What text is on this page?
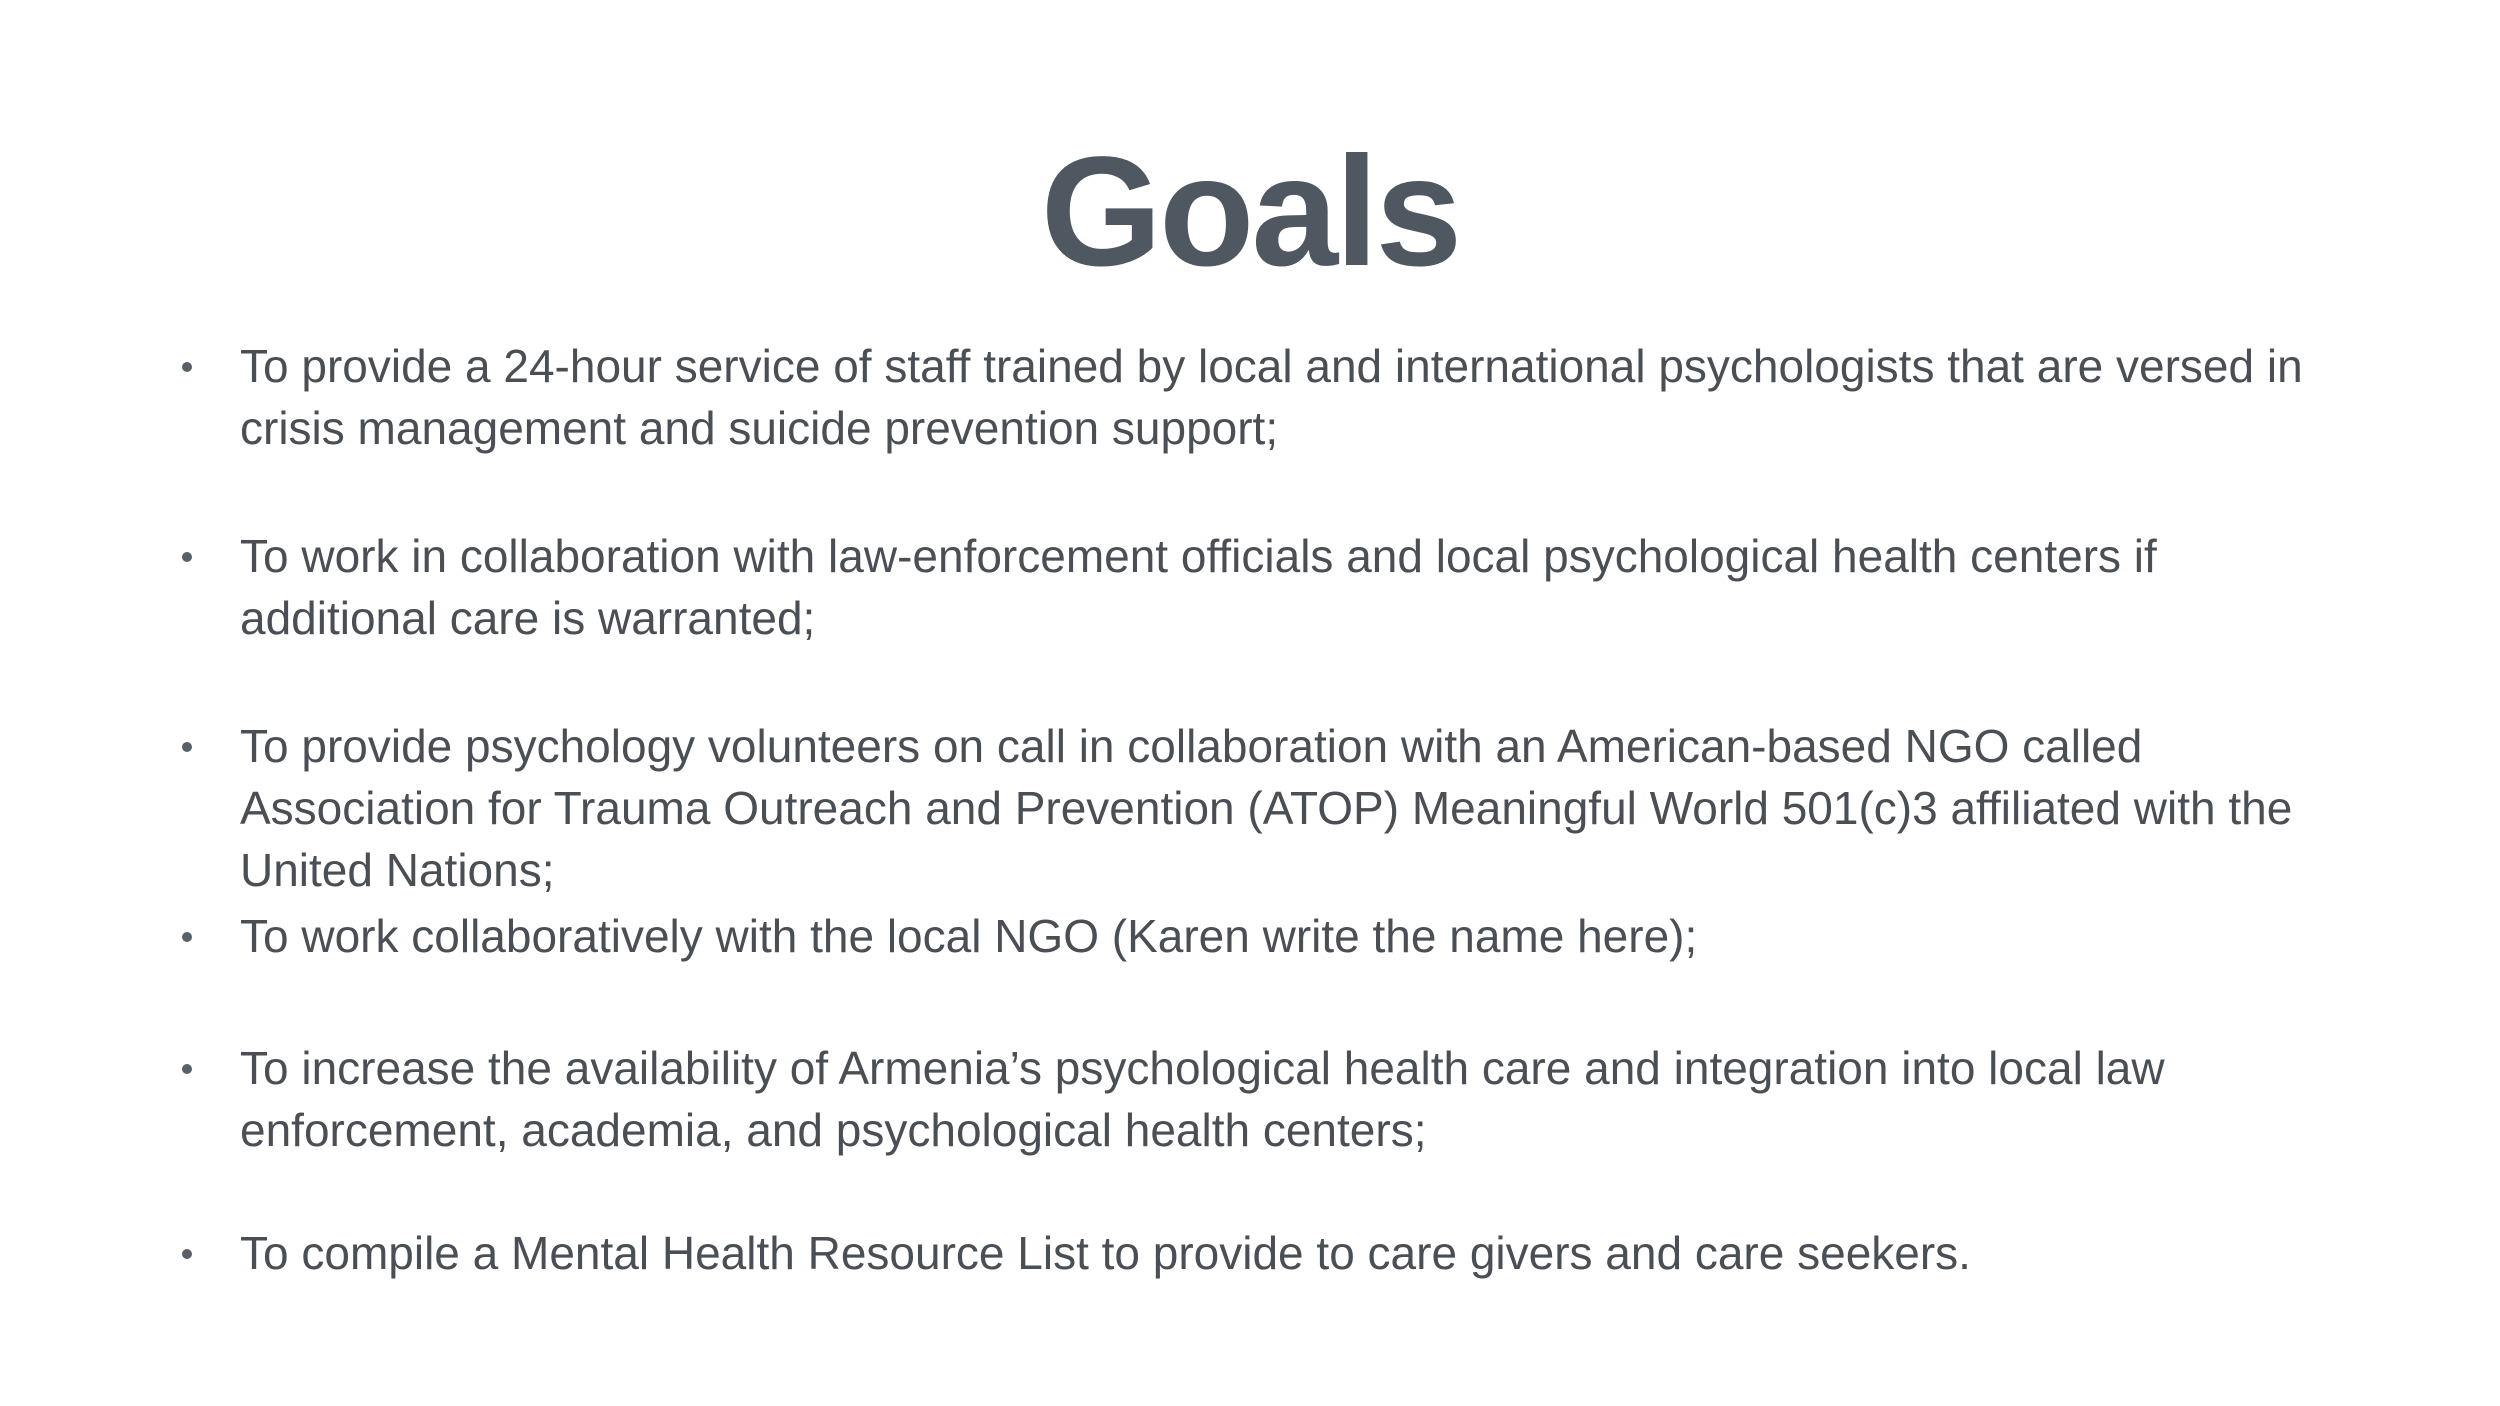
Goals
To provide a 24-hour service of staff trained by local and international psychologists that are versed in crisis management and suicide prevention support;
To work in collaboration with law-enforcement officials and local psychological health centers if additional care is warranted;
To provide psychology volunteers on call in collaboration with an American-based NGO called Association for Trauma Outreach and Prevention (ATOP) Meaningful World 501(c)3 affiliated with the United Nations;
To work collaboratively with the local NGO (Karen write the name here);
To increase the availability of Armenia’s psychological health care and integration into local law enforcement, academia, and psychological health centers;
To compile a Mental Health Resource List to provide to care givers and care seekers.
